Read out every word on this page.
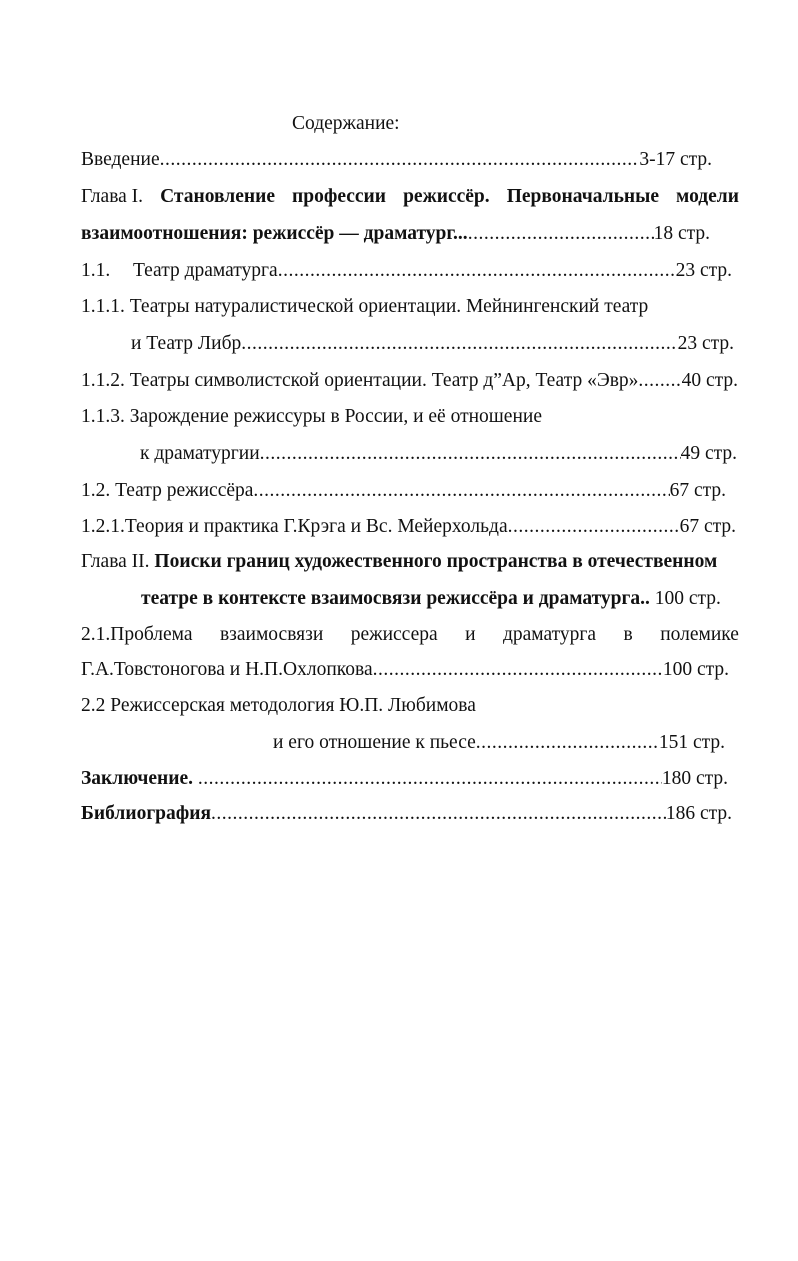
Содержание:
Введение .....	3-17 стр.
Глава I. Становление профессии режиссёр. Первоначальные модели
взаимоотношения: режиссёр — драматург... .....	18 стр.
1.1.	Театр драматурга .....	23 стр.
1.1.1. Театры натуралистической ориентации. Мейнингенский театр
и Театр Либр .....	23 стр.
1.1.2. Театры символистской ориентации. Театр д”Ар, Театр «Эвр» ..... 40 стр.
1.1.3. Зарождение режиссуры в России, и её отношение
к драматургии .....	49 стр.
1.2. Театр режиссёра .....	67 стр.
1.2.1.Теория и практика Г.Крэга и Вс. Мейерхольда .....	67 стр.
Глава II. Поиски границ художественного пространства в отечественном
театре в контексте взаимосвязи режиссёра и драматурга.. 100 стр.
2.1.Проблема взаимосвязи режиссера и драматурга в полемике
Г.А.Товстоногова и Н.П.Охлопкова .....	100 стр.
2.2 Режиссерская методология Ю.П. Любимова
и его отношение к пьесе .....	151 стр.
Заключение. .....	180 стр.
Библиография .....	186 стр.
